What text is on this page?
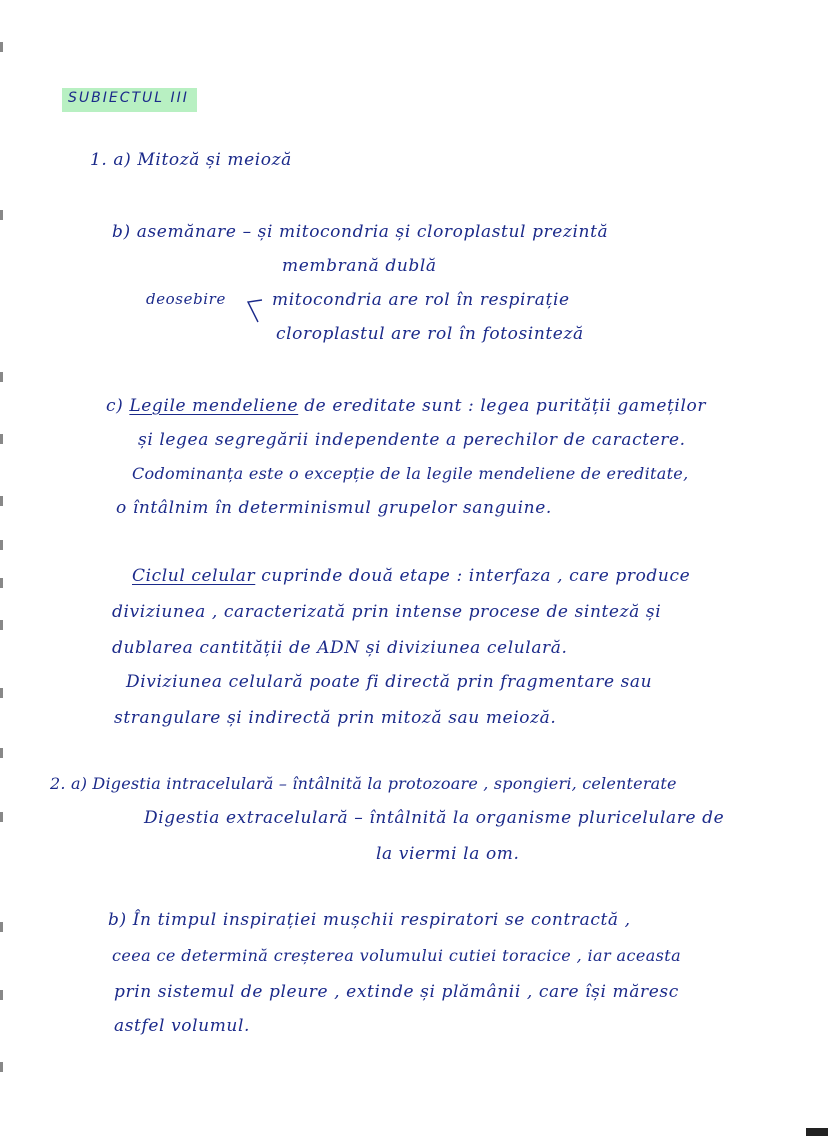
SUBIECTUL III
1. a) Mitoză și meioză
b) asemănare – și mitocondria și cloroplastul prezintă
membrană dublă
deosebire	mitocondria are rol în respirație
cloroplastul are rol în fotosinteză
c) Legile mendeliene de ereditate sunt : legea purității gameților
și legea segregării independente a perechilor de caractere.
Codominanța este o excepție de la legile mendeliene de ereditate,
o întâlnim în determinismul grupelor sanguine.
Ciclul celular cuprinde două etape : interfaza , care produce
diviziunea , caracterizată prin intense procese de sinteză și
dublarea cantității de ADN și diviziunea celulară.
Diviziunea celulară poate fi directă prin fragmentare sau
strangulare și indirectă prin mitoză sau meioză.
2. a) Digestia intracelulară – întâlnită la protozoare , spongieri, celenterate
Digestia extracelulară – întâlnită la organisme pluricelulare de
la viermi la om.
b) În timpul inspirației mușchii respiratori se contractă ,
ceea ce determină creșterea volumului cutiei toracice , iar aceasta
prin sistemul de pleure , extinde și plămânii , care își măresc
astfel volumul.
